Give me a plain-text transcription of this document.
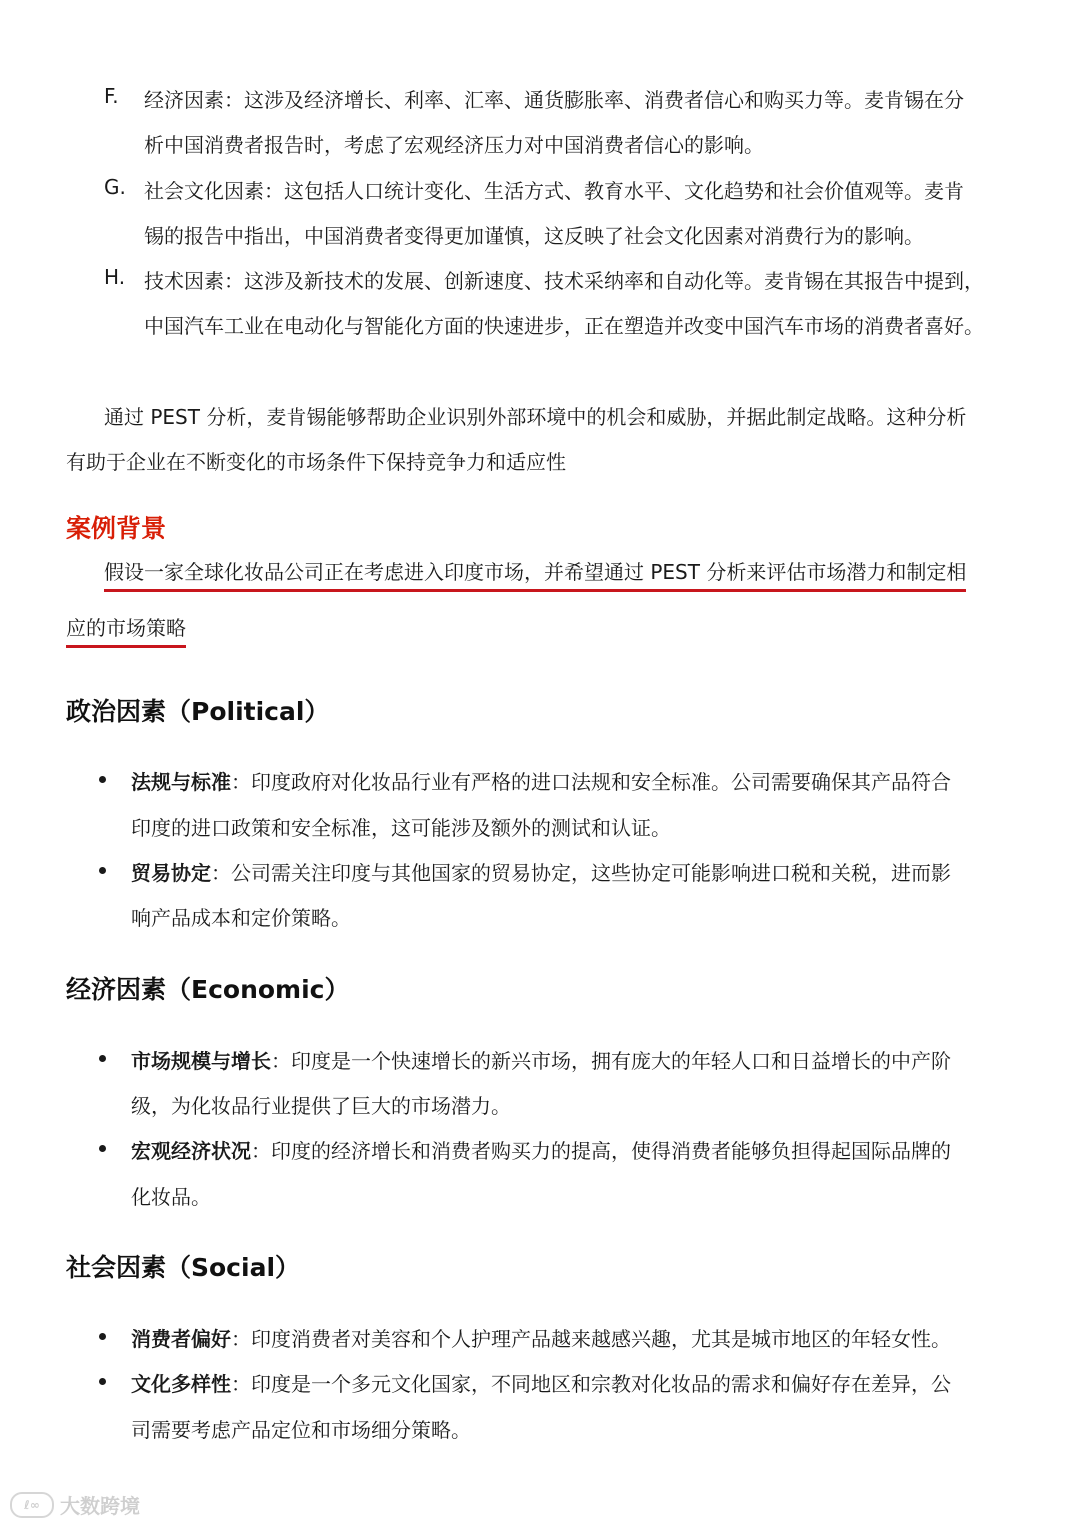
F. 经济因素：这涉及经济增长、利率、汇率、通货膨胀率、消费者信心和购买力等。麦肯锡在分
析中国消费者报告时，考虑了宏观经济压力对中国消费者信心的影响。
G. 社会文化因素：这包括人口统计变化、生活方式、教育水平、文化趋势和社会价值观等。麦肯
锡的报告中指出，中国消费者变得更加谨慎，这反映了社会文化因素对消费行为的影响。
H. 技术因素：这涉及新技术的发展、创新速度、技术采纳率和自动化等。麦肯锡在其报告中提到，
中国汽车工业在电动化与智能化方面的快速进步，正在塑造并改变中国汽车市场的消费者喜好。
通过 PEST 分析，麦肯锡能够帮助企业识别外部环境中的机会和威胁，并据此制定战略。这种分析
有助于企业在不断变化的市场条件下保持竞争力和适应性
案例背景
假设一家全球化妆品公司正在考虑进入印度市场，并希望通过 PEST 分析来评估市场潜力和制定相
应的市场策略
政治因素（Political）
法规与标准：印度政府对化妆品行业有严格的进口法规和安全标准。公司需要确保其产品符合
印度的进口政策和安全标准，这可能涉及额外的测试和认证。
贸易协定：公司需关注印度与其他国家的贸易协定，这些协定可能影响进口税和关税，进而影
响产品成本和定价策略。
经济因素（Economic）
市场规模与增长：印度是一个快速增长的新兴市场，拥有庞大的年轻人口和日益增长的中产阶
级，为化妆品行业提供了巨大的市场潜力。
宏观经济状况：印度的经济增长和消费者购买力的提高，使得消费者能够负担得起国际品牌的
化妆品。
社会因素（Social）
消费者偏好：印度消费者对美容和个人护理产品越来越感兴趣，尤其是城市地区的年轻女性。
文化多样性：印度是一个多元文化国家，不同地区和宗教对化妆品的需求和偏好存在差异，公
司需要考虑产品定位和市场细分策略。
ℓ∞	大数跨境
